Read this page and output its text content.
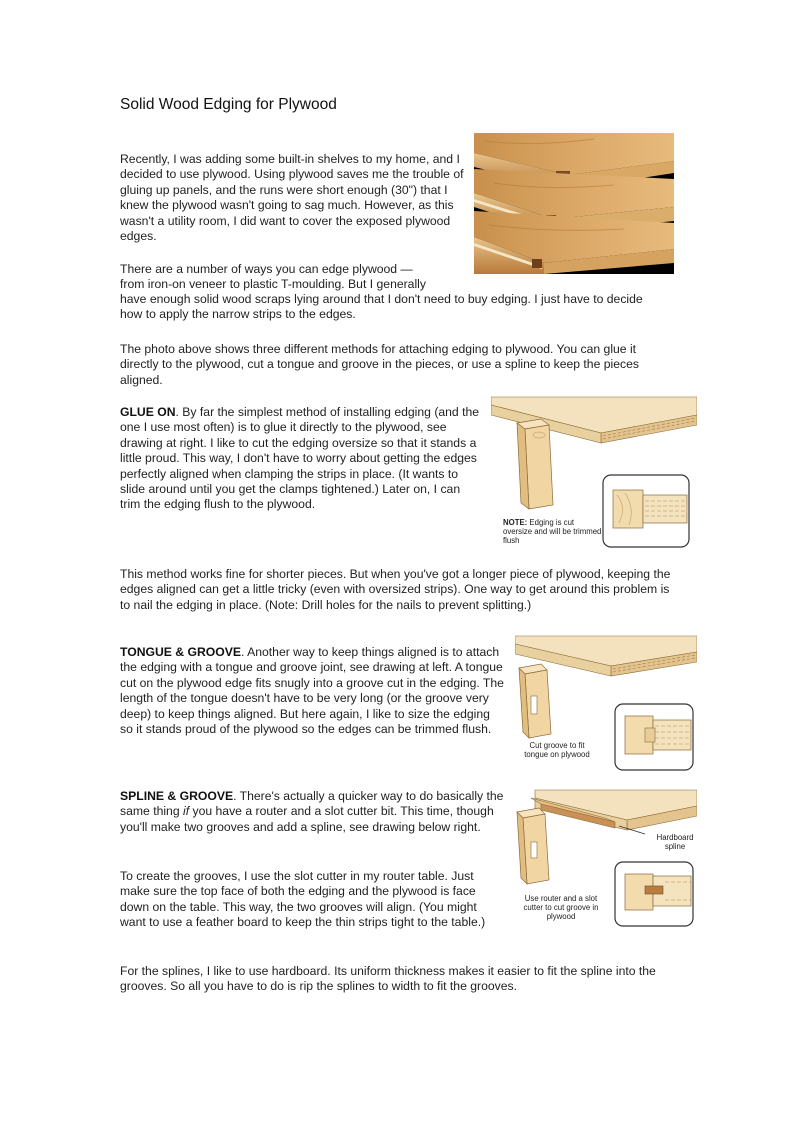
Solid Wood Edging for Plywood

Recently, I was adding some built-in shelves to my home, and I decided to use plywood. Using plywood saves me the trouble of gluing up panels, and the runs were short enough (30") that I knew the plywood wasn't going to sag much. However, as this wasn't a utility room, I did want to cover the exposed plywood edges.

There are a number of ways you can edge plywood —

from iron-on veneer to plastic T-moulding. But I generally

have enough solid wood scraps lying around that I don't need to buy edging. I just have to decide how to apply the narrow strips to the edges.

The photo above shows three different methods for attaching edging to plywood. You can glue it directly to the plywood, cut a tongue and groove in the pieces, or use a spline to keep the pieces aligned.

GLUE ON. By far the simplest method of installing edging (and the one I use most often) is to glue it directly to the plywood, see drawing at right. I like to cut the edging oversize so that it stands a little proud. This way, I don't have to worry about getting the edges perfectly aligned when clamping the strips in place. (It wants to slide around until you get the clamps tightened.) Later on, I can trim the edging flush to the plywood.

NOTE: Edging is cut oversize and will be trimmed flush

This method works fine for shorter pieces. But when you've got a longer piece of plywood, keeping the edges aligned can get a little tricky (even with oversized strips). One way to get around this problem is to nail the edging in place. (Note: Drill holes for the nails to prevent splitting.)

TONGUE & GROOVE. Another way to keep things aligned is to attach the edging with a tongue and groove joint, see drawing at left. A tongue cut on the plywood edge fits snugly into a groove cut in the edging. The length of the tongue doesn't have to be very long (or the groove very deep) to keep things aligned. But here again, I like to size the edging so it stands proud of the plywood so the edges can be trimmed flush.

Cut groove to fit tongue on plywood

SPLINE & GROOVE. There's actually a quicker way to do basically the same thing if you have a router and a slot cutter bit. This time, though you'll make two grooves and add a spline, see drawing below right.

To create the grooves, I use the slot cutter in my router table. Just make sure the top face of both the edging and the plywood is face down on the table. This way, the two grooves will align. (You might want to use a feather board to keep the thin strips tight to the table.)

Hardboard spline
Use router and a slot cutter to cut groove in plywood

For the splines, I like to use hardboard. Its uniform thickness makes it easier to fit the spline into the grooves. So all you have to do is rip the splines to width to fit the grooves.
